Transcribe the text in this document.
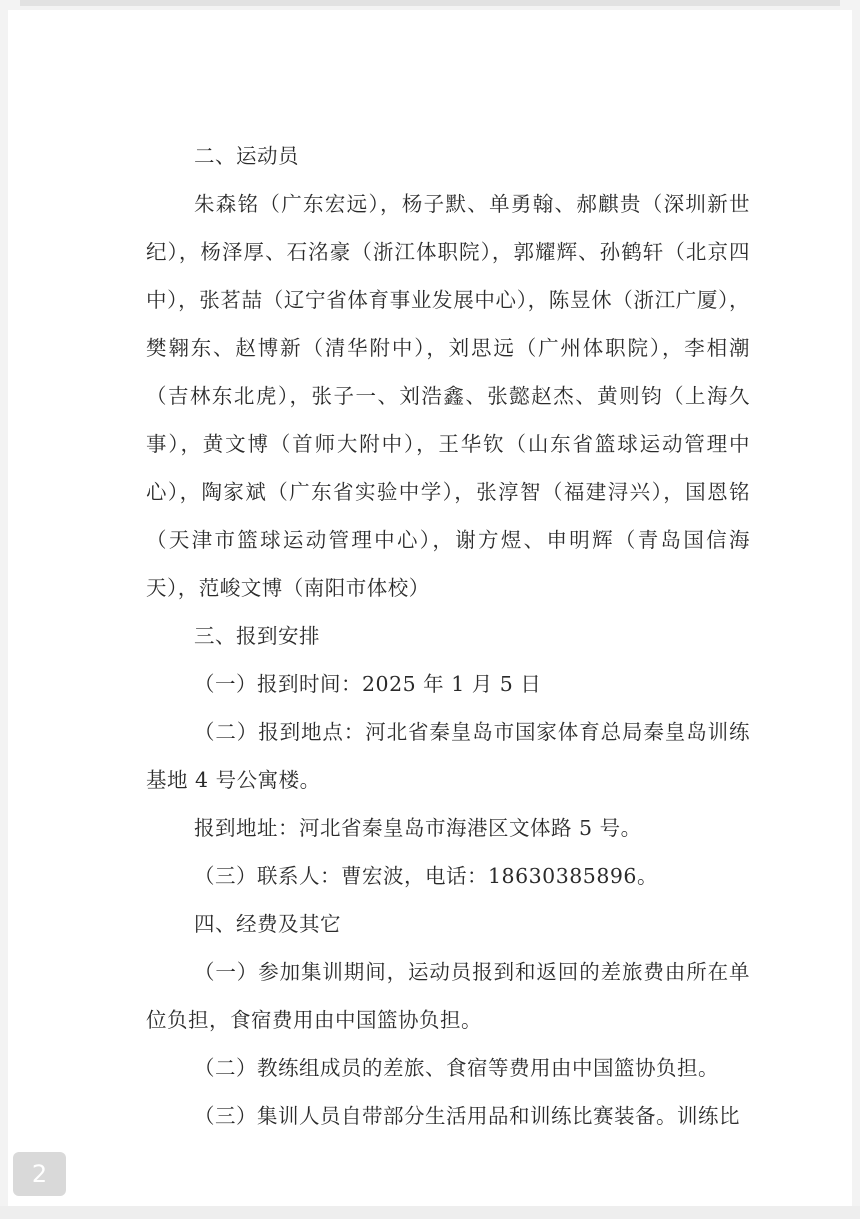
二、运动员

朱森铭（广东宏远），杨子默、单勇翰、郝麒贵（深圳新世纪），杨泽厚、石洺豪（浙江体职院），郭耀辉、孙鹤轩（北京四中），张茗喆（辽宁省体育事业发展中心），陈昱休（浙江广厦），樊翱东、赵博新（清华附中），刘思远（广州体职院），李相潮（吉林东北虎），张子一、刘浩鑫、张懿赵杰、黄则钧（上海久事），黄文博（首师大附中），王华钦（山东省篮球运动管理中心），陶家斌（广东省实验中学），张淳智（福建浔兴），国恩铭（天津市篮球运动管理中心），谢方煜、申明辉（青岛国信海天），范峻文博（南阳市体校）

三、报到安排

（一）报到时间：2025 年 1 月 5 日

（二）报到地点：河北省秦皇岛市国家体育总局秦皇岛训练基地 4 号公寓楼。

报到地址：河北省秦皇岛市海港区文体路 5 号。

（三）联系人：曹宏波，电话：18630385896。

四、经费及其它

（一）参加集训期间，运动员报到和返回的差旅费由所在单位负担，食宿费用由中国篮协负担。

（二）教练组成员的差旅、食宿等费用由中国篮协负担。

（三）集训人员自带部分生活用品和训练比赛装备。训练比

2
